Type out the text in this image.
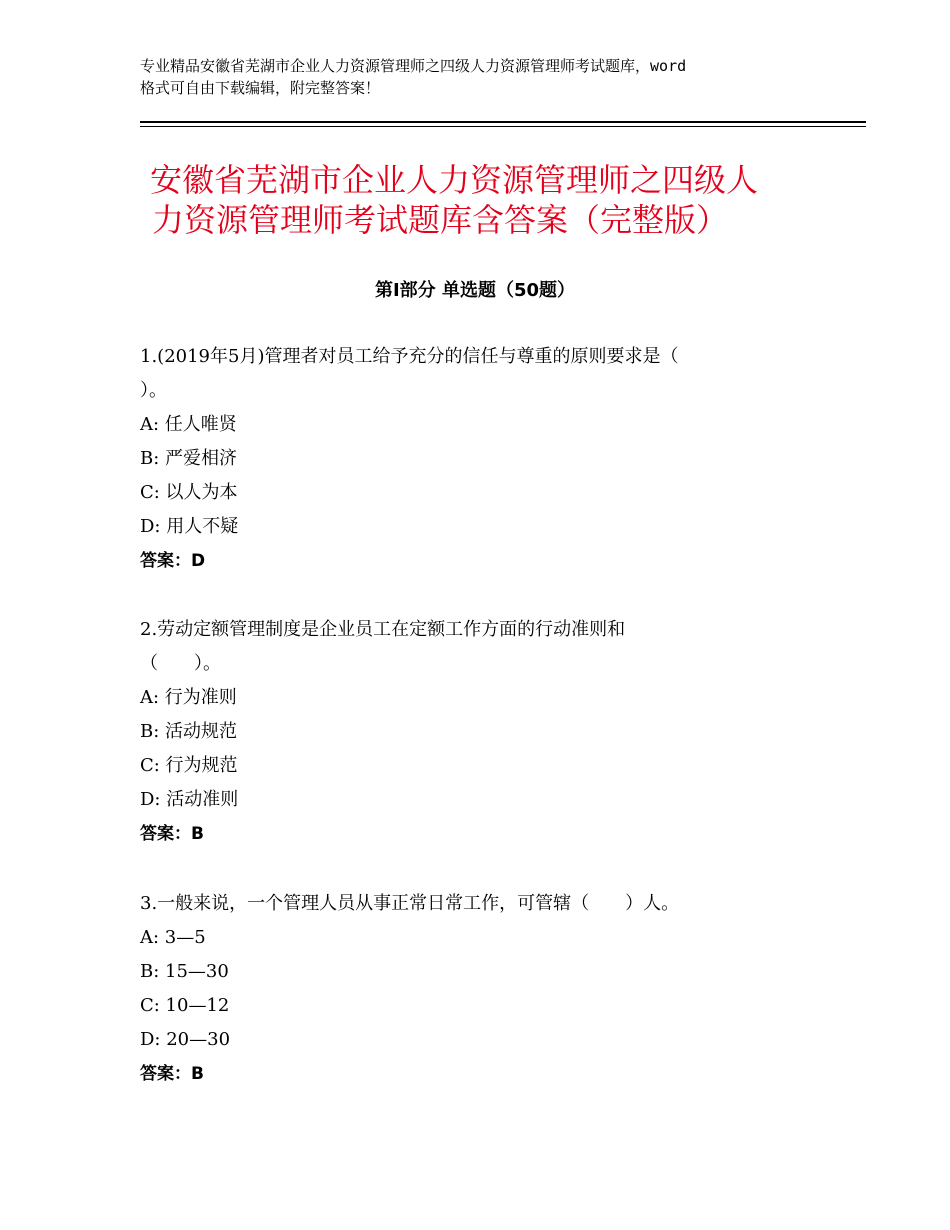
专业精品安徽省芜湖市企业人力资源管理师之四级人力资源管理师考试题库，word
格式可自由下载编辑，附完整答案！
安徽省芜湖市企业人力资源管理师之四级人
力资源管理师考试题库含答案（完整版）
第Ⅰ部分 单选题（50题）
1.(2019年5月)管理者对员工给予充分的信任与尊重的原则要求是（
）。
A: 任人唯贤
B: 严爱相济
C: 以人为本
D: 用人不疑
答案：D
2.劳动定额管理制度是企业员工在定额工作方面的行动准则和
（　　）。
A: 行为准则
B: 活动规范
C: 行为规范
D: 活动准则
答案：B
3.一般来说，一个管理人员从事正常日常工作，可管辖（　　）人。
A: 3—5
B: 15—30
C: 10—12
D: 20—30
答案：B
